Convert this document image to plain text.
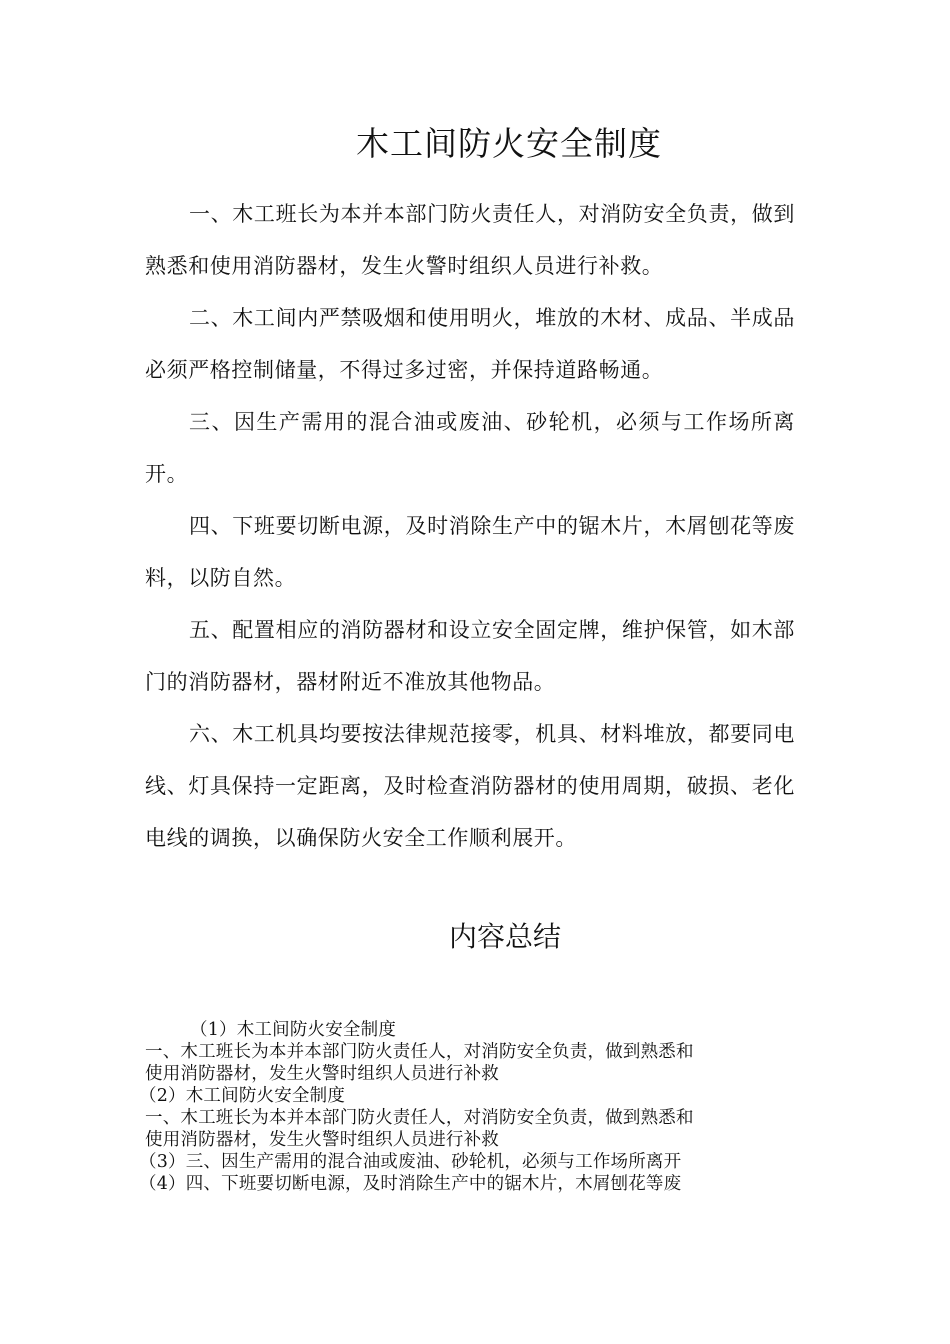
木工间防火安全制度

一、木工班长为本并本部门防火责任人，对消防安全负责，做到熟悉和使用消防器材，发生火警时组织人员进行补救。

二、木工间内严禁吸烟和使用明火，堆放的木材、成品、半成品必须严格控制储量，不得过多过密，并保持道路畅通。

三、因生产需用的混合油或废油、砂轮机，必须与工作场所离开。

四、下班要切断电源，及时消除生产中的锯木片，木屑刨花等废料，以防自然。

五、配置相应的消防器材和设立安全固定牌，维护保管，如木部门的消防器材，器材附近不准放其他物品。

六、木工机具均要按法律规范接零，机具、材料堆放，都要同电线、灯具保持一定距离，及时检查消防器材的使用周期，破损、老化电线的调换，以确保防火安全工作顺利展开。

内容总结
（1）木工间防火安全制度
一、木工班长为本并本部门防火责任人，对消防安全负责，做到熟悉和
使用消防器材，发生火警时组织人员进行补救
（2）木工间防火安全制度
一、木工班长为本并本部门防火责任人，对消防安全负责，做到熟悉和
使用消防器材，发生火警时组织人员进行补救
（3）三、因生产需用的混合油或废油、砂轮机，必须与工作场所离开
（4）四、下班要切断电源，及时消除生产中的锯木片，木屑刨花等废
